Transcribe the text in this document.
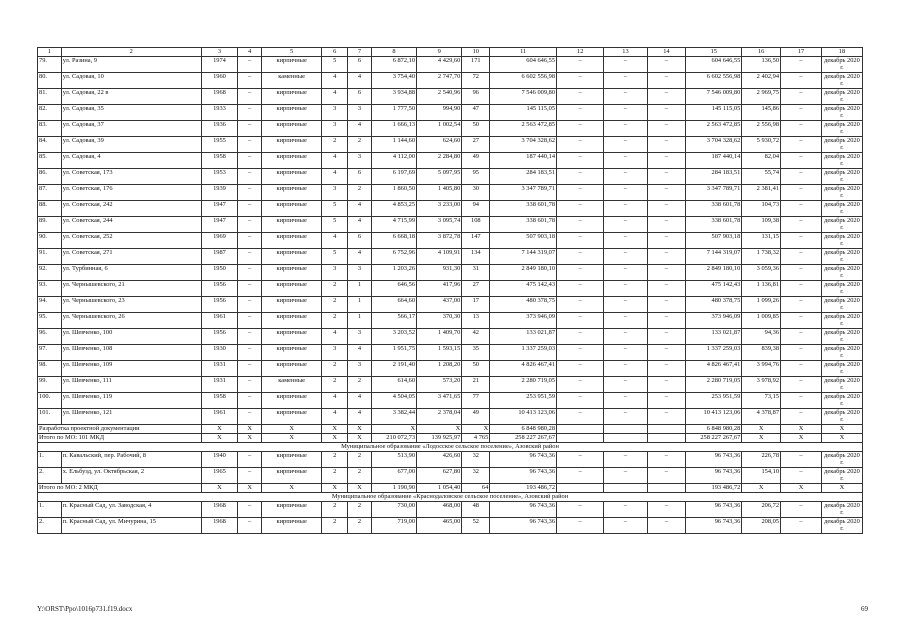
1	2	3	4	5	6	7	8	9	10	11	12	13	14	15	16	17	18
79.	ул. Разина, 9	1974	–	кирпичные	5	6	6 872,10	4 429,60	171	604 646,55	–	–	–	604 646,55	136,50	–	декабрь 2020 г.
80.	ул. Садовая, 10	1960	–	каменные	4	4	3 754,40	2 747,70	72	6 602 556,98	–	–	–	6 602 556,98	2 402,94	–	декабрь 2020 г.
81.	ул. Садовая, 22 в	1968	–	кирпичные	4	6	3 934,88	2 540,96	96	7 546 009,80	–	–	–	7 546 009,80	2 969,75	–	декабрь 2020 г.
82.	ул. Садовая, 35	1933	–	кирпичные	3	3	1 777,50	994,90	47	145 115,05	–	–	–	145 115,05	145,86	–	декабрь 2020 г.
83.	ул. Садовая, 37	1936	–	кирпичные	3	4	1 666,13	1 002,54	50	2 563 472,85	–	–	–	2 563 472,85	2 556,98	–	декабрь 2020 г.
84.	ул. Садовая, 39	1955	–	кирпичные	2	2	1 144,60	624,60	27	3 704 328,62	–	–	–	3 704 328,62	5 930,72	–	декабрь 2020 г.
85.	ул. Садовая, 4	1958	–	кирпичные	4	3	4 112,00	2 284,80	49	187 440,14	–	–	–	187 440,14	82,04	–	декабрь 2020 г.
86.	ул. Советская, 173	1953	–	кирпичные	4	6	6 197,69	5 097,95	95	284 183,51	–	–	–	284 183,51	55,74	–	декабрь 2020 г.
87.	ул. Советская, 176	1939	–	кирпичные	3	2	1 860,50	1 405,80	30	3 347 789,71	–	–	–	3 347 789,71	2 381,41	–	декабрь 2020 г.
88.	ул. Советская, 242	1947	–	кирпичные	5	4	4 853,25	3 233,00	94	338 601,78	–	–	–	338 601,78	104,73	–	декабрь 2020 г.
89.	ул. Советская, 244	1947	–	кирпичные	5	4	4 715,99	3 095,74	108	338 601,78	–	–	–	338 601,78	109,38	–	декабрь 2020 г.
90.	ул. Советская, 252	1969	–	кирпичные	4	6	6 668,18	3 872,78	147	507 903,18	–	–	–	507 903,18	131,15	–	декабрь 2020 г.
91.	ул. Советская, 271	1987	–	кирпичные	5	4	6 752,96	4 109,91	134	7 144 319,07	–	–	–	7 144 319,07	1 738,32	–	декабрь 2020 г.
92.	ул. Турбинная, 6	1950	–	кирпичные	3	3	1 203,26	931,30	31	2 849 180,10	–	–	–	2 849 180,10	3 059,36	–	декабрь 2020 г.
93.	ул. Чернышевского, 21	1956	–	кирпичные	2	1	646,56	417,96	27	475 142,43	–	–	–	475 142,43	1 136,81	–	декабрь 2020 г.
94.	ул. Чернышевского, 23	1956	–	кирпичные	2	1	664,60	437,00	17	480 378,75	–	–	–	480 378,75	1 099,26	–	декабрь 2020 г.
95.	ул. Чернышевского, 26	1961	–	кирпичные	2	1	566,17	370,30	13	373 946,09	–	–	–	373 946,09	1 009,85	–	декабрь 2020 г.
96.	ул. Шевченко, 100	1956	–	кирпичные	4	3	3 203,52	1 409,70	42	133 021,87	–	–	–	133 021,87	94,36	–	декабрь 2020 г.
97.	ул. Шевченко, 108	1930	–	кирпичные	3	4	1 951,75	1 593,15	35	1 337 259,03	–	–	–	1 337 259,03	839,38	–	декабрь 2020 г.
98.	ул. Шевченко, 109	1931	–	кирпичные	2	3	2 191,40	1 208,20	50	4 826 467,41	–	–	–	4 826 467,41	3 994,76	–	декабрь 2020 г.
99.	ул. Шевченко, 111	1931	–	каменные	2	2	614,60	573,20	21	2 280 719,05	–	–	–	2 280 719,05	3 978,92	–	декабрь 2020 г.
100.	ул. Шевченко, 119	1958	–	кирпичные	4	4	4 504,05	3 471,65	77	253 951,59	–	–	–	253 951,59	73,15	–	декабрь 2020 г.
101.	ул. Шевченко, 121	1961	–	кирпичные	4	4	3 382,44	2 378,04	49	10 413 123,06	–	–	–	10 413 123,06	4 378,87	–	декабрь 2020 г.
Разработка проектной документации		Х	Х	Х	Х	Х	Х	Х	Х	6 848 980,28				6 848 980,28	Х	Х	Х
Итого по МО: 101 МКД		Х	Х	Х	Х	Х	210 072,73	139 925,97	4 765	258 227 267,67				258 227 267,67	Х	Х	Х
Муниципальное образование «Лодосское сельское поселение», Азовский район																	
1.	п. Кавальский, пер. Рабочий, 8	1940	–	кирпичные	2	2	513,90	426,60	32	96 743,36	–	–	–	96 743,36	226,78	–	декабрь 2020 г.
2.	х. Ельбузд, ул. Октябрьская, 2	1965	–	кирпичные	2	2	677,00	627,80	32	96 743,36	–	–	–	96 743,36	154,10	–	декабрь 2020 г.
Итого по МО: 2 МКД		Х	Х	Х	Х	Х	1 190,90	1 054,40	64	193 486,72				193 486,72	Х	Х	Х
Муниципальное образование «Краснодаловское сельское поселение», Азовский район																	
1.	п. Красный Сад, ул. Заводская, 4	1968	–	кирпичные	2	2	730,00	468,00	48	96 743,36	–	–	–	96 743,36	206,72	–	декабрь 2020 г.
2.	п. Красный Сад, ул. Мичурина, 15	1968	–	кирпичные	2	2	719,00	465,00	52	96 743,36	–	–	–	96 743,36	208,05	–	декабрь 2020 г.
Y:\ORST\Ppo\1016p731.f19.docx	69
